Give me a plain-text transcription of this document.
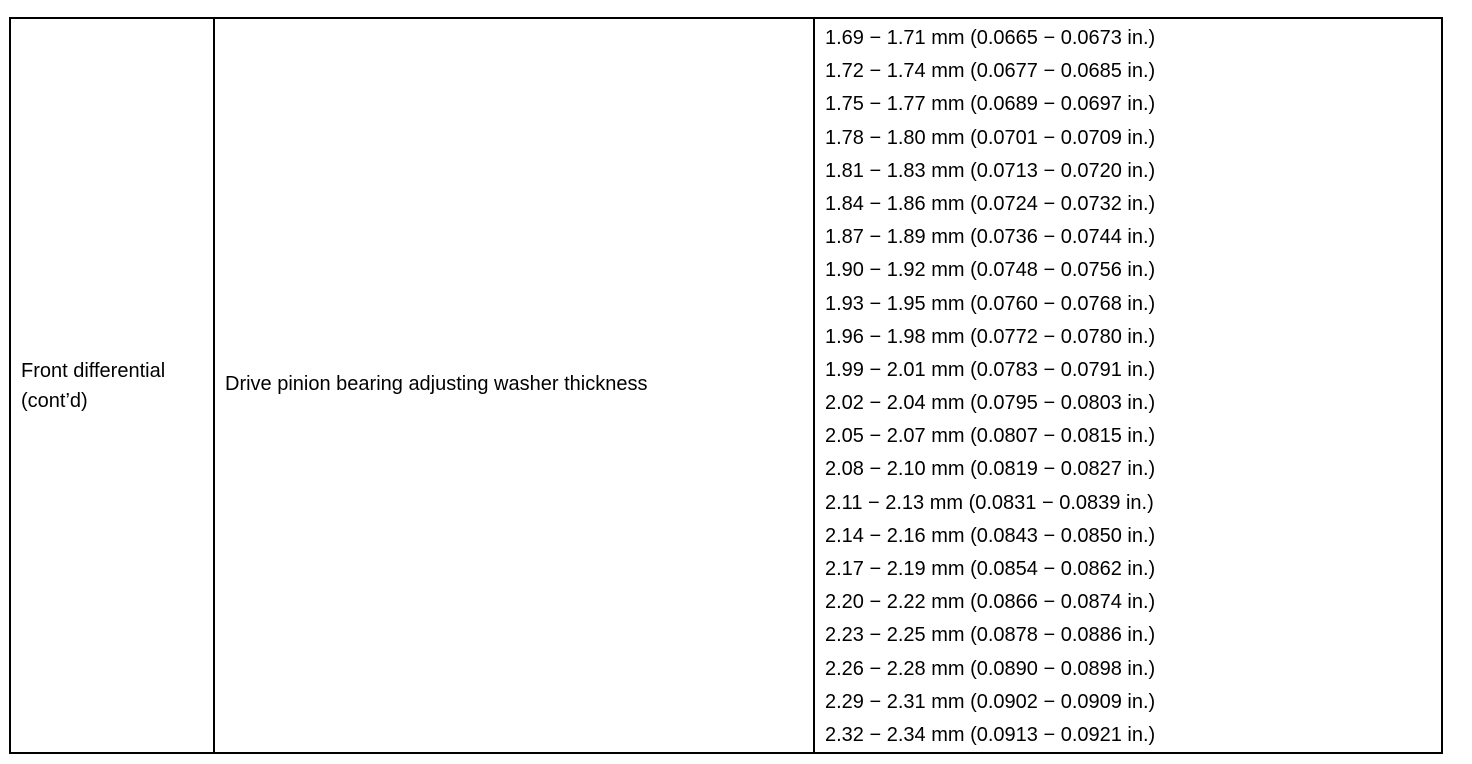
Front differential
(cont’d)

Drive pinion bearing adjusting washer thickness

1.69 − 1.71 mm (0.0665 − 0.0673 in.)
1.72 − 1.74 mm (0.0677 − 0.0685 in.)
1.75 − 1.77 mm (0.0689 − 0.0697 in.)
1.78 − 1.80 mm (0.0701 − 0.0709 in.)
1.81 − 1.83 mm (0.0713 − 0.0720 in.)
1.84 − 1.86 mm (0.0724 − 0.0732 in.)
1.87 − 1.89 mm (0.0736 − 0.0744 in.)
1.90 − 1.92 mm (0.0748 − 0.0756 in.)
1.93 − 1.95 mm (0.0760 − 0.0768 in.)
1.96 − 1.98 mm (0.0772 − 0.0780 in.)
1.99 − 2.01 mm (0.0783 − 0.0791 in.)
2.02 − 2.04 mm (0.0795 − 0.0803 in.)
2.05 − 2.07 mm (0.0807 − 0.0815 in.)
2.08 − 2.10 mm (0.0819 − 0.0827 in.)
2.11 − 2.13 mm (0.0831 − 0.0839 in.)
2.14 − 2.16 mm (0.0843 − 0.0850 in.)
2.17 − 2.19 mm (0.0854 − 0.0862 in.)
2.20 − 2.22 mm (0.0866 − 0.0874 in.)
2.23 − 2.25 mm (0.0878 − 0.0886 in.)
2.26 − 2.28 mm (0.0890 − 0.0898 in.)
2.29 − 2.31 mm (0.0902 − 0.0909 in.)
2.32 − 2.34 mm (0.0913 − 0.0921 in.)
